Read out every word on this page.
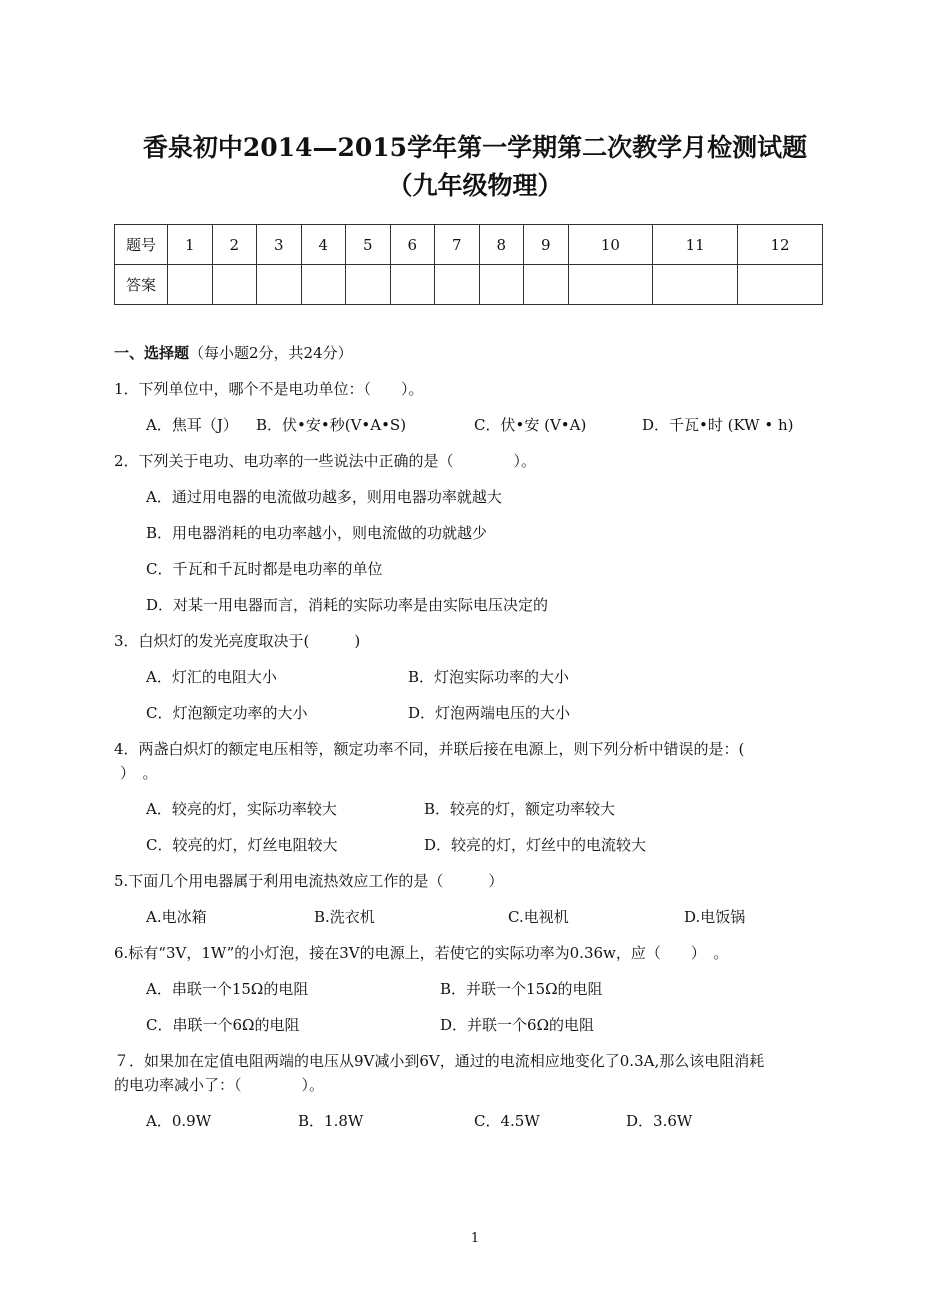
香泉初中2014—2015学年第一学期第二次教学月检测试题
（九年级物理）
题号	1	2	3	4	5	6	7	8	9	10	11	12
答案												
一、选择题（每小题2分，共24分）
1．下列单位中，哪个不是电功单位：（　　）。
A．焦耳（J） B．伏•安•秒(V•A•S)	C．伏•安 (V•A)	D．千瓦•时 (KW • h)
2．下列关于电功、电功率的一些说法中正确的是（　　　　）。
A．通过用电器的电流做功越多，则用电器功率就越大
B．用电器消耗的电功率越小，则电流做的功就越少
C．千瓦和千瓦时都是电功率的单位
D．对某一用电器而言，消耗的实际功率是由实际电压决定的
3．白炽灯的发光亮度取决于(　　　)
A．灯汇的电阻大小	B．灯泡实际功率的大小
C．灯泡额定功率的大小	D．灯泡两端电压的大小
4．两盏白炽灯的额定电压相等，额定功率不同，并联后接在电源上，则下列分析中错误的是：(
）　。
A．较亮的灯，实际功率较大	B．较亮的灯，额定功率较大
C．较亮的灯，灯丝电阻较大	D．较亮的灯，灯丝中的电流较大
5.下面几个用电器属于利用电流热效应工作的是（　　　）
A.电冰箱	B.洗衣机	C.电视机	D.电饭锅
6.标有“3V，1W”的小灯泡，接在3V的电源上，若使它的实际功率为0.36w，应（　　）　。
A．串联一个15Ω的电阻	B．并联一个15Ω的电阻
C．串联一个6Ω的电阻	D．并联一个6Ω的电阻
７．如果加在定值电阻两端的电压从9V减小到6V，通过的电流相应地变化了0.3A,那么该电阻消耗
的电功率减小了：（　　　　）。
A．0.9W	B．1.8W	C．4.5W	D．3.6W
1
